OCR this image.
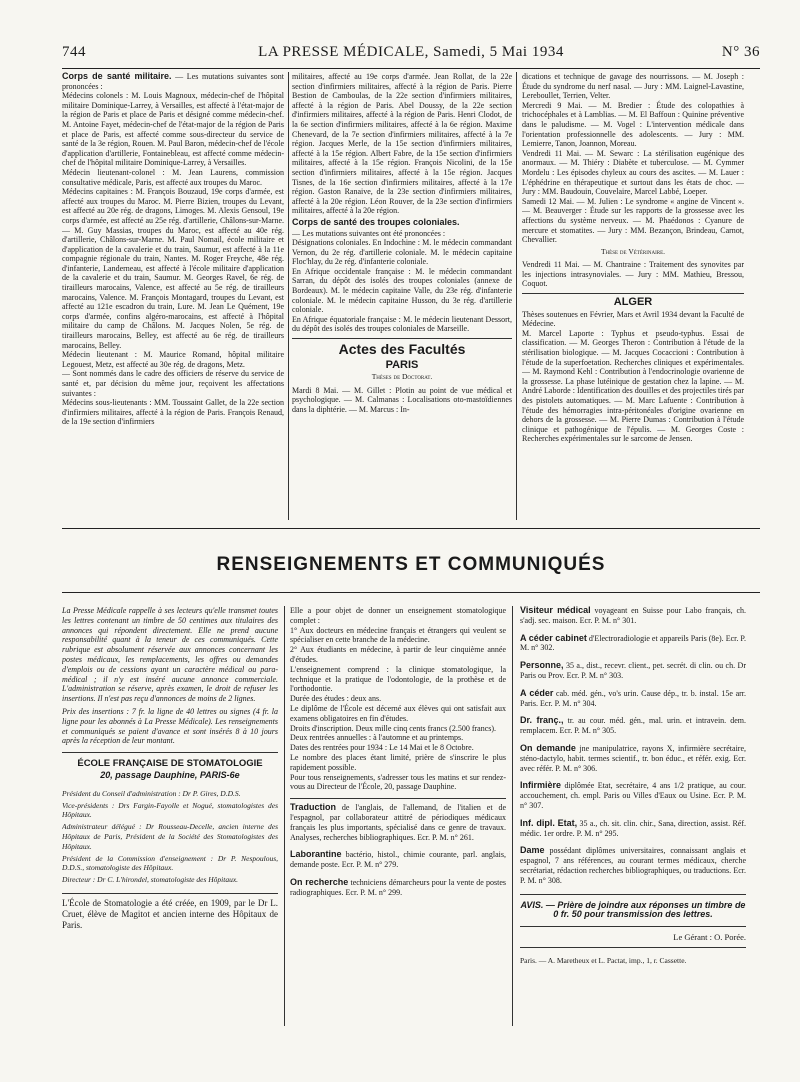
744	LA PRESSE MÉDICALE, Samedi, 5 Mai 1934	N° 36

Corps de santé militaire. — Les mutations suivantes sont prononcées :

Médecins colonels : M. Louis Magnoux, médecin-chef de l'hôpital militaire Dominique-Larrey, à Versailles, est affecté à l'état-major de la région de Paris et place de Paris et désigné comme médecin-chef. M. Antoine Fayet, médecin-chef de l'état-major de la région de Paris et place de Paris, est affecté comme sous-directeur du service de santé de la 3e région, Rouen. M. Paul Baron, médecin-chef de l'école d'application d'artillerie, Fontainebleau, est affecté comme médecin-chef de l'hôpital militaire Dominique-Larrey, à Versailles.

Médecin lieutenant-colonel : M. Jean Laurens, commission consultative médicale, Paris, est affecté aux troupes du Maroc.

Médecins capitaines : M. François Bouzaud, 19e corps d'armée, est affecté aux troupes du Maroc. M. Pierre Bizien, troupes du Levant, est affecté au 20e rég. de dragons, Limoges. M. Alexis Gensoul, 19e corps d'armée, est affecté au 25e rég. d'artillerie, Châlons-sur-Marne. — M. Guy Massias, troupes du Maroc, est affecté au 40e rég. d'artillerie, Châlons-sur-Marne. M. Paul Nomail, école militaire et d'application de la cavalerie et du train, Saumur, est affecté à la 11e compagnie régionale du train, Nantes. M. Roger Freyche, 48e rég. d'infanterie, Landerneau, est affecté à l'école militaire d'application de la cavalerie et du train, Saumur. M. Georges Ravel, 6e rég. de tirailleurs marocains, Valence, est affecté au 5e rég. de tirailleurs marocains, Valence. M. François Montagard, troupes du Levant, est affecté au 121e escadron du train, Lure. M. Jean Le Quément, 19e corps d'armée, confins algéro-marocains, est affecté à l'hôpital militaire du camp de Châlons. M. Jacques Nolen, 5e rég. de tirailleurs marocains, Belley, est affecté au 6e rég. de tirailleurs marocains, Belley.

Médecin lieutenant : M. Maurice Romand, hôpital militaire Legouest, Metz, est affecté au 30e rég. de dragons, Metz.

— Sont nommés dans le cadre des officiers de réserve du service de santé et, par décision du même jour, reçoivent les affectations suivantes :

Médecins sous-lieutenants : MM. Toussaint Gallet, de la 22e section d'infirmiers militaires, affecté à la région de Paris. François Renaud, de la 19e section d'infirmiers

militaires, affecté au 19e corps d'armée. Jean Rollat, de la 22e section d'infirmiers militaires, affecté à la région de Paris. Pierre Bestion de Camboulas, de la 22e section d'infirmiers militaires, affecté à la région de Paris. Abel Doussy, de la 22e section d'infirmiers militaires, affecté à la région de Paris. Henri Clodot, de la 6e section d'infirmiers militaires, affecté à la 6e région. Maxime Chenevard, de la 7e section d'infirmiers militaires, affecté à la 7e région. Jacques Merle, de la 15e section d'infirmiers militaires, affecté à la 15e région. Albert Fabre, de la 15e section d'infirmiers militaires, affecté à la 15e région. François Nicolini, de la 15e section d'infirmiers militaires, affecté à la 15e région. Jacques Tisnes, de la 16e section d'infirmiers militaires, affecté à la 17e région. Gaston Ranaive, de la 23e section d'infirmiers militaires, affecté à la 20e région. Léon Rouver, de la 23e section d'infirmiers militaires, affecté à la 20e région.

Corps de santé des troupes coloniales.

— Les mutations suivantes ont été prononcées :

Désignations coloniales. En Indochine : M. le médecin commandant Vernon, du 2e rég. d'artillerie coloniale. M. le médecin capitaine Floc'hlay, du 2e rég. d'infanterie coloniale.

En Afrique occidentale française : M. le médecin commandant Sarran, du dépôt des isolés des troupes coloniales (annexe de Bordeaux). M. le médecin capitaine Valle, du 23e rég. d'infanterie coloniale. M. le médecin capitaine Husson, du 3e rég. d'artillerie coloniale.

En Afrique équatoriale française : M. le médecin lieutenant Dessort, du dépôt des isolés des troupes coloniales de Marseille.

Actes des Facultés
PARIS
Thèses de Doctorat.

Mardi 8 Mai. — M. Gillet : Plotin au point de vue médical et psychologique. — M. Calmanas : Localisations oto-mastoïdiennes dans la diphtérie. — M. Marcus : In-

dications et technique de gavage des nourrissons. — M. Joseph : Étude du syndrome du nerf nasal. — Jury : MM. Laignel-Lavastine, Lereboullet, Terrien, Velter.

Mercredi 9 Mai. — M. Bredier : Étude des colopathies à trichocéphales et à Lamblias. — M. El Baffoun : Quinine préventive dans le paludisme. — M. Vogel : L'intervention médicale dans l'orientation professionnelle des adolescents. — Jury : MM. Lemierre, Tanon, Joannon, Moreau.

Vendredi 11 Mai. — M. Sewarc : La stérilisation eugénique des anormaux. — M. Thiéry : Diabète et tuberculose. — M. Cymmer Mordelu : Les épisodes chyleux au cours des ascites. — M. Lauer : L'éphédrine en thérapeutique et surtout dans les états de choc. — Jury : MM. Baudouin, Couvelaire, Marcel Labbé, Loeper.

Samedi 12 Mai. — M. Julien : Le syndrome « angine de Vincent ». — M. Beauverger : Étude sur les rapports de la grossesse avec les affections du système nerveux. — M. Phaédonos : Cyanure de mercure et stomatites. — Jury : MM. Bezançon, Brindeau, Carnot, Chevallier.

Thèse de Vétérinaire.

Vendredi 11 Mai. — M. Chantraine : Traitement des synovites par les injections intrasynoviales. — Jury : MM. Mathieu, Bressou, Coquot.

ALGER

Thèses soutenues en Février, Mars et Avril 1934 devant la Faculté de Médecine.

M. Marcel Laporte : Typhus et pseudo-typhus. Essai de classification. — M. Georges Theron : Contribution à l'étude de la stérilisation biologique. — M. Jacques Cocaccioni : Contribution à l'étude de la superfoetation. Recherches cliniques et expérimentales. — M. Raymond Kehl : Contribution à l'endocrinologie ovarienne de la grossesse. La phase lutéinique de gestation chez la lapine. — M. André Laborde : Identification des douilles et des projectiles tirés par des pistolets automatiques. — M. Marc Lafuente : Contribution à l'étude des hémorragies intra-péritonéales d'origine ovarienne en dehors de la grossesse. — M. Pierre Dumas : Contribution à l'étude clinique et pathogénique de l'épulis. — M. Georges Coste : Recherches expérimentales sur le sarcome de Jensen.

RENSEIGNEMENTS ET COMMUNIQUÉS

La Presse Médicale rappelle à ses lecteurs qu'elle transmet toutes les lettres contenant un timbre de 50 centimes aux titulaires des annonces qui répondent directement. Elle ne prend aucune responsabilité quant à la teneur de ces communiqués. Cette rubrique est absolument réservée aux annonces concernant les postes médicaux, les remplacements, les offres ou demandes d'emplois ou de cessions ayant un caractère médical ou para-médical ; il n'y est inséré aucune annonce commerciale. L'administration se réserve, après examen, le droit de refuser les insertions. Il n'est pas reçu d'annonces de moins de 2 lignes.

Prix des insertions : 7 fr. la ligne de 40 lettres ou signes (4 fr. la ligne pour les abonnés à La Presse Médicale). Les renseignements et communiqués se paient d'avance et sont insérés 8 à 10 jours après la réception de leur montant.

ÉCOLE FRANÇAISE DE STOMATOLOGIE
20, passage Dauphine, PARIS-6e

Président du Conseil d'administration : Dr P. Gires, D.D.S.

Vice-présidents : Drs Fargin-Fayolle et Nogué, stomatologistes des Hôpitaux.

Administrateur délégué : Dr Rousseau-Decelle, ancien interne des Hôpitaux de Paris, Président de la Société des Stomatologistes des Hôpitaux.

Président de la Commission d'enseignement : Dr P. Nespoulous, D.D.S., stomatologiste des Hôpitaux.

Directeur : Dr C. L'hirondel, stomatologiste des Hôpitaux.

L'École de Stomatologie a été créée, en 1909, par le Dr L. Cruet, élève de Magitot et ancien interne des Hôpitaux de Paris.

Elle a pour objet de donner un enseignement stomatologique complet :

1° Aux docteurs en médecine français et étrangers qui veulent se spécialiser en cette branche de la médecine.

2° Aux étudiants en médecine, à partir de leur cinquième année d'études.

L'enseignement comprend : la clinique stomatologique, la technique et la pratique de l'odontologie, de la prothèse et de l'orthodontie.

Durée des études : deux ans.

Le diplôme de l'École est décerné aux élèves qui ont satisfait aux examens obligatoires en fin d'études.

Droits d'inscription. Deux mille cinq cents francs (2.500 francs).

Deux rentrées annuelles : à l'automne et au printemps.

Dates des rentrées pour 1934 : Le 14 Mai et le 8 Octobre.

Le nombre des places étant limité, prière de s'inscrire le plus rapidement possible.

Pour tous renseignements, s'adresser tous les matins et sur rendez-vous au Directeur de l'École, 20, passage Dauphine.

Traduction de l'anglais, de l'allemand, de l'italien et de l'espagnol, par collaborateur attitré de périodiques médicaux français les plus importants, spécialisé dans ce genre de travaux. Analyses, recherches bibliographiques. Ecr. P. M. n° 261.
Laborantine bactério, histol., chimie courante, parl. anglais, demande poste. Ecr. P. M. n° 279.
On recherche techniciens démarcheurs pour la vente de postes radiographiques. Ecr. P. M. n° 299.
Visiteur médical voyageant en Suisse pour Labo français, ch. s'adj. sec. maison. Ecr. P. M. n° 301.
A céder cabinet d'Electroradiologie et appareils Paris (8e). Ecr. P. M. n° 302.
Personne, 35 a., dist., recevr. client., pet. secrét. di clin. ou ch. Dr Paris ou Prov. Ecr. P. M. n° 303.
A céder cab. méd. gén., vo's urin. Cause dép., tr. b. instal. 15e arr. Paris. Ecr. P. M. n° 304.
Dr. franç., tr. au cour. méd. gén., mal. urin. et intravein. dem. remplacem. Ecr. P. M. n° 305.
On demande jne manipulatrice, rayons X, infirmière secrétaire, sténo-dactylo, habit. termes scientif., tr. bon éduc., et référ. exig. Ecr. avec référ. P. M. n° 306.
Infirmière diplômée Etat, secrétaire, 4 ans 1/2 pratique, au cour. accouchement, ch. empl. Paris ou Villes d'Eaux ou Usine. Ecr. P. M. n° 307.
Inf. dipl. Etat, 35 a., ch. sit. clin. chir., Sana, direction, assist. Réf. médic. 1er ordre. P. M. n° 295.
Dame possédant diplômes universitaires, connaissant anglais et espagnol, 7 ans références, au courant termes médicaux, cherche secrétariat, rédaction recherches bibliographiques, ou traductions. Ecr. P. M. n° 308.
AVIS. — Prière de joindre aux réponses un timbre de 0 fr. 50 pour transmission des lettres.
Le Gérant : O. Porée.
Paris. — A. Maretheux et L. Pactat, imp., 1, r. Cassette.
